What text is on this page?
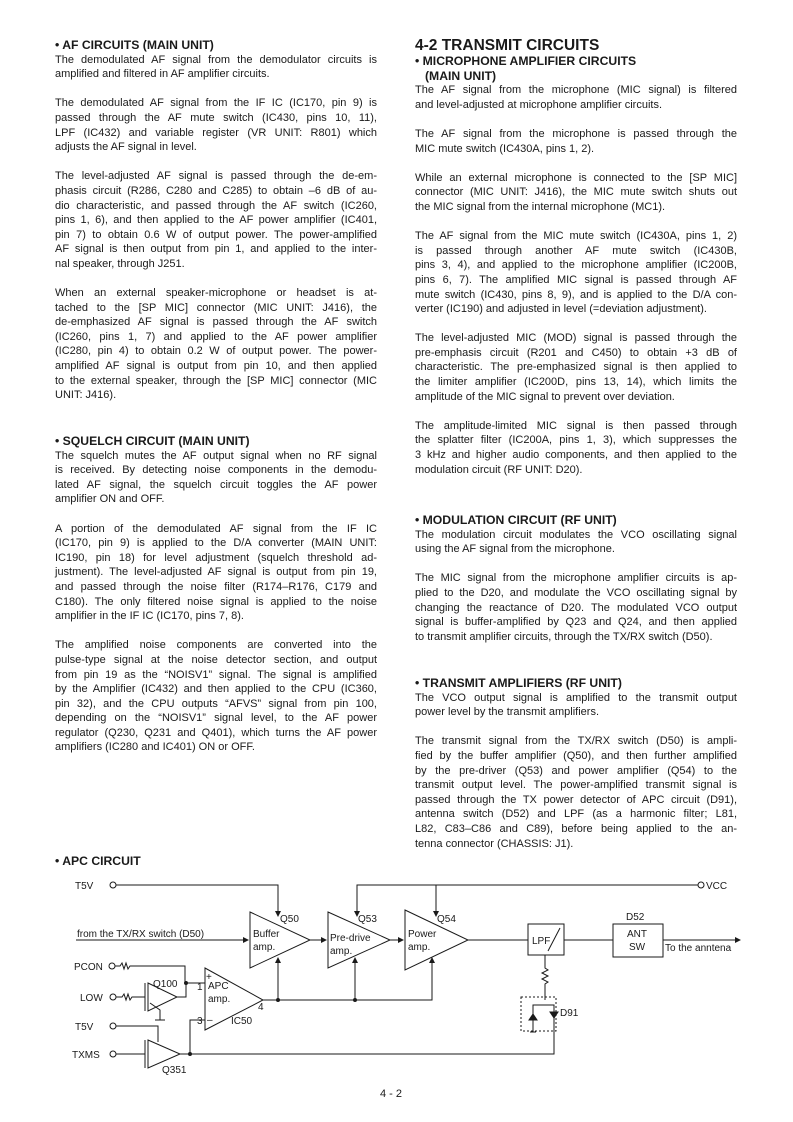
• AF CIRCUITS (MAIN UNIT)
The demodulated AF signal from the demodulator circuits is
amplified and filtered in AF amplifier circuits.
The demodulated AF signal from the IF IC (IC170, pin 9) is
passed through the AF mute switch (IC430, pins 10, 11),
LPF (IC432) and variable register (VR UNIT: R801) which
adjusts the AF signal in level.
The level-adjusted AF signal is passed through the de-em-
phasis circuit (R286, C280 and C285) to obtain –6 dB of au-
dio characteristic, and passed through the AF switch (IC260,
pins 1, 6), and then applied to the AF power amplifier (IC401,
pin 7) to obtain 0.6 W of output power. The power-amplified
AF signal is then output from pin 1, and applied to the inter-
nal speaker, through J251.
When an external speaker-microphone or headset is at-
tached to the [SP MIC] connector (MIC UNIT: J416), the
de-emphasized AF signal is passed through the AF switch
(IC260, pins 1, 7) and applied to the AF power amplifier
(IC280, pin 4) to obtain 0.2 W of output power. The power-
amplified AF signal is output from pin 10, and then applied
to the external speaker, through the [SP MIC] connector (MIC
UNIT: J416).
• SQUELCH CIRCUIT (MAIN UNIT)
The squelch mutes the AF output signal when no RF signal
is received. By detecting noise components in the demodu-
lated AF signal, the squelch circuit toggles the AF power
amplifier ON and OFF.
A portion of the demodulated AF signal from the IF IC
(IC170, pin 9) is applied to the D/A converter (MAIN UNIT:
IC190, pin 18) for level adjustment (squelch threshold ad-
justment). The level-adjusted AF signal is output from pin 19,
and passed through the noise filter (R174–R176, C179 and
C180). The only filtered noise signal is applied to the noise
amplifier in the IF IC (IC170, pins 7, 8).
The amplified noise components are converted into the
pulse-type signal at the noise detector section, and output
from pin 19 as the “NOISV1” signal. The signal is amplified
by the Amplifier (IC432) and then applied to the CPU (IC360,
pin 32), and the CPU outputs “AFVS” signal from pin 100,
depending on the “NOISV1” signal level, to the AF power
regulator (Q230, Q231 and Q401), which turns the AF power
amplifiers (IC280 and IC401) ON or OFF.
4-2 TRANSMIT CIRCUITS
• MICROPHONE AMPLIFIER CIRCUITS
(MAIN UNIT)
The AF signal from the microphone (MIC signal) is filtered
and level-adjusted at microphone amplifier circuits.
The AF signal from the microphone is passed through the
MIC mute switch (IC430A, pins 1, 2).
While an external microphone is connected to the [SP MIC]
connector (MIC UNIT: J416), the MIC mute switch shuts out
the MIC signal from the internal microphone (MC1).
The AF signal from the MIC mute switch (IC430A, pins 1, 2)
is passed through another AF mute switch (IC430B,
pins 3, 4), and applied to the microphone amplifier (IC200B,
pins 6, 7). The amplified MIC signal is passed through AF
mute switch (IC430, pins 8, 9), and is applied to the D/A con-
verter (IC190) and adjusted in level (=deviation adjustment).
The level-adjusted MIC (MOD) signal is passed through the
pre-emphasis circuit (R201 and C450) to obtain +3 dB of
characteristic. The pre-emphasized signal is then applied to
the limiter amplifier (IC200D, pins 13, 14), which limits the
amplitude of the MIC signal to prevent over deviation.
The amplitude-limited MIC signal is then passed through
the splatter filter (IC200A, pins 1, 3), which suppresses the
3 kHz and higher audio components, and then applied to the
modulation circuit (RF UNIT: D20).
• MODULATION CIRCUIT (RF UNIT)
The modulation circuit modulates the VCO oscillating signal
using the AF signal from the microphone.
The MIC signal from the microphone amplifier circuits is ap-
plied to the D20, and modulate the VCO oscillating signal by
changing the reactance of D20. The modulated VCO output
signal is buffer-amplified by Q23 and Q24, and then applied
to transmit amplifier circuits, through the TX/RX switch (D50).
• TRANSMIT AMPLIFIERS (RF UNIT)
The VCO output signal is amplified to the transmit output
power level by the transmit amplifiers.
The transmit signal from the TX/RX switch (D50) is ampli-
fied by the buffer amplifier (Q50), and then further amplified
by the pre-driver (Q53) and power amplifier (Q54) to the
transmit output level. The power-amplified transmit signal is
passed through the TX power detector of APC circuit (D91),
antenna switch (D52) and LPF (as a harmonic filter; L81,
L82, C83–C86 and C89), before being applied to the an-
tenna connector (CHASSIS: J1).
• APC CIRCUIT
T5V	VCC
from the TX/RX switch (D50)
Q50	Q53	Q54
Buffer
amp.
Pre-drive
amp.
Power
amp.
LPF
D52
ANT
SW To the anntena
D91
PCON
LOW
Q100
T5V
TXMS
Q351
APC
amp.
IC50
1
3
4
+
–
4 - 2
